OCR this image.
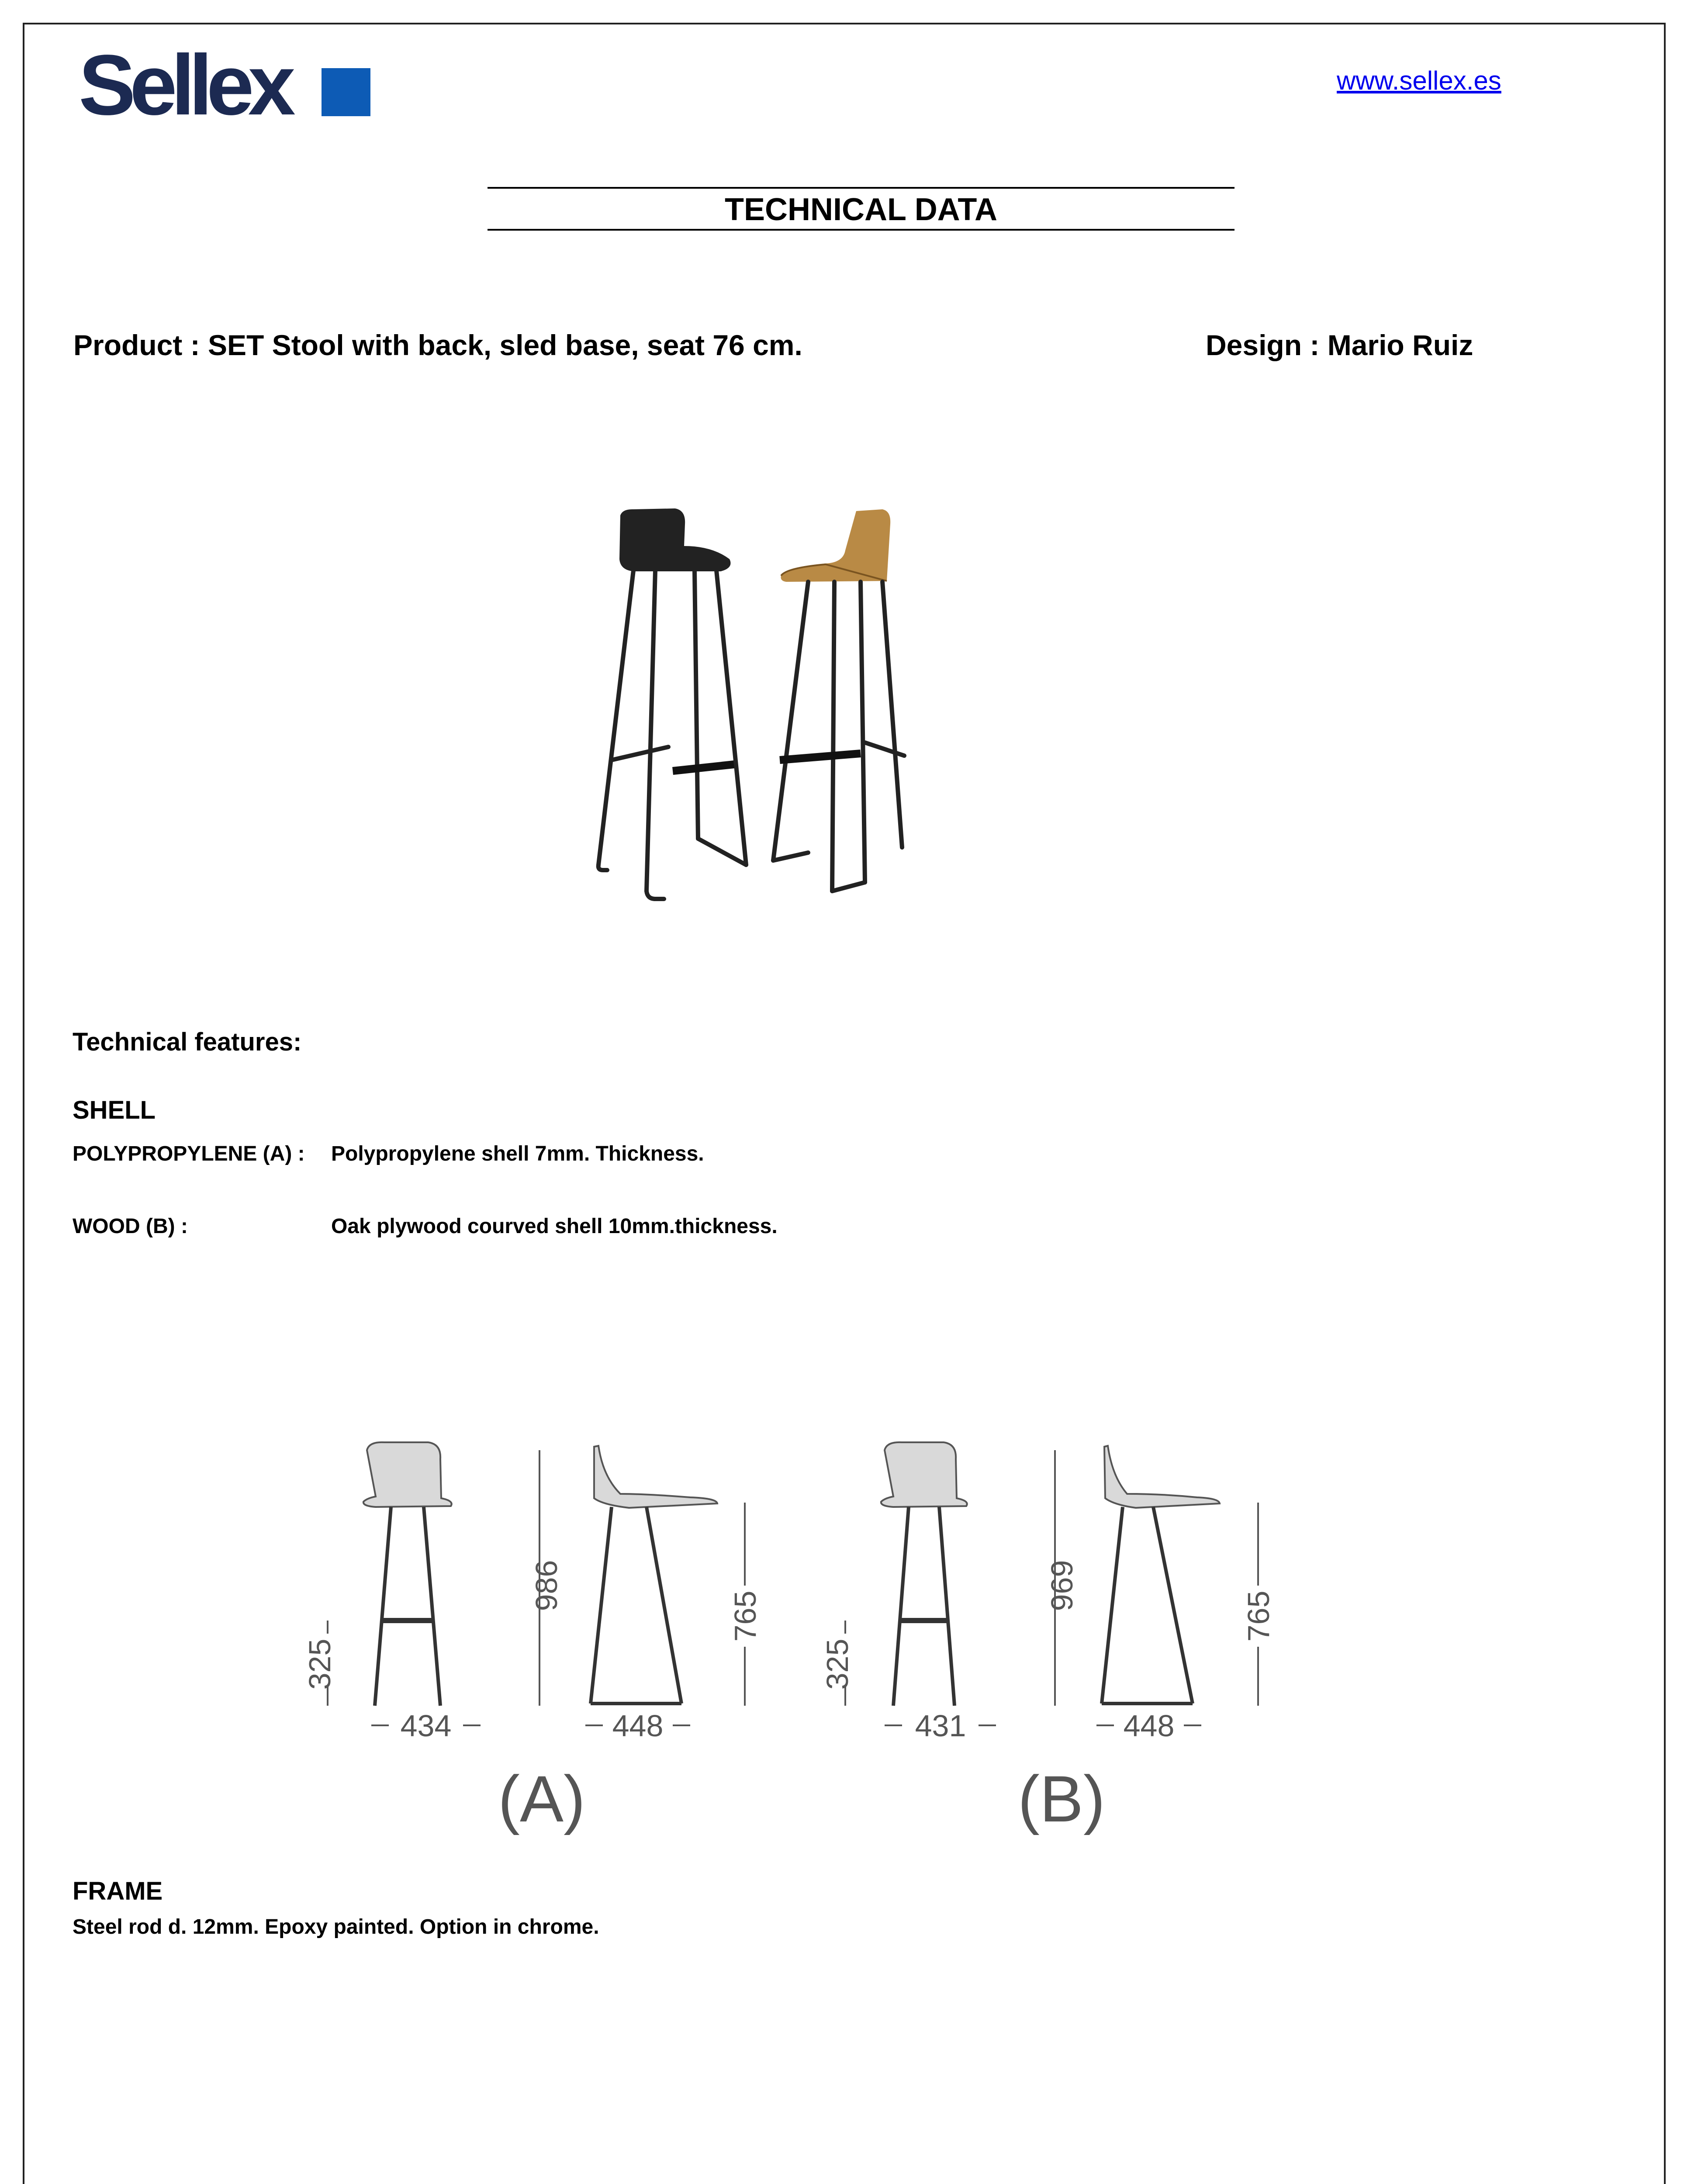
Sellex	www.sellex.es
TECHNICAL DATA
Product : SET Stool with back, sled base, seat 76 cm.	Design : Mario Ruiz
Technical features:
SHELL
POLYPROPYLENE (A) : Polypropylene shell 7mm. Thickness.
WOOD (B) :	Oak plywood courved shell 10mm.thickness.
325
434
986
448
765
(A)
325
431
969
448
765
(B)
FRAME
Steel rod d. 12mm. Epoxy painted. Option in chrome.
